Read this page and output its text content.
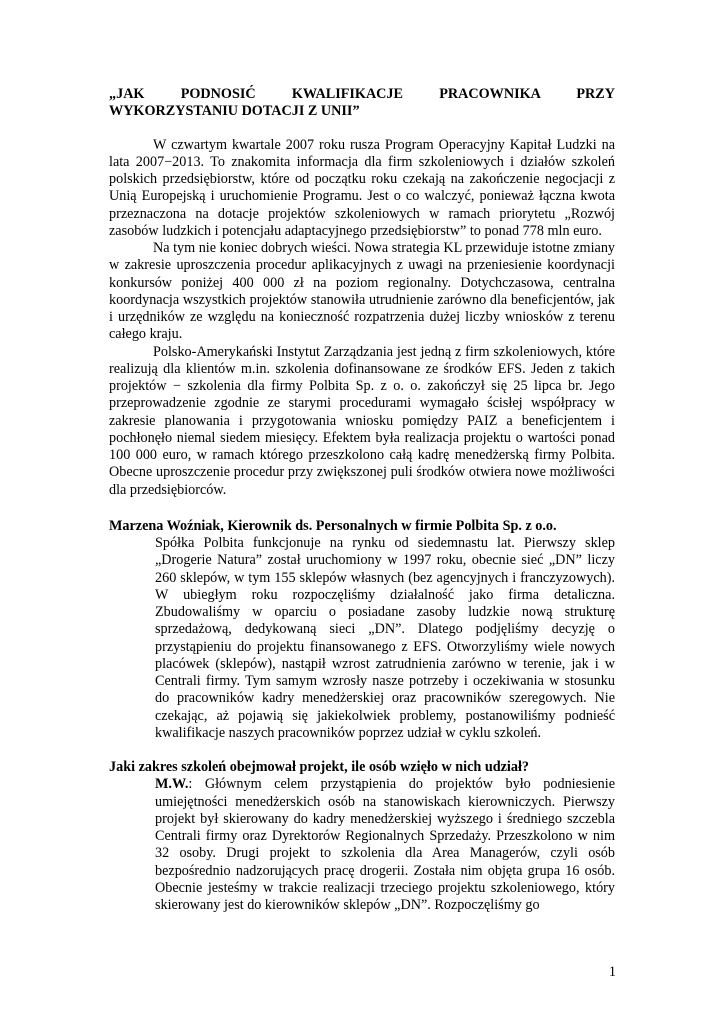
„JAK PODNOSIĆ KWALIFIKACJE PRACOWNIKA PRZY
WYKORZYSTANIU DOTACJI Z UNII”

W czwartym kwartale 2007 roku rusza Program Operacyjny Kapitał Ludzki na lata 2007−2013. To znakomita informacja dla firm szkoleniowych i działów szkoleń polskich przedsiębiorstw, które od początku roku czekają na zakończenie negocjacji z Unią Europejską i uruchomienie Programu. Jest o co walczyć, ponieważ łączna kwota przeznaczona na dotacje projektów szkoleniowych w ramach priorytetu „Rozwój zasobów ludzkich i potencjału adaptacyjnego przedsiębiorstw” to ponad 778 mln euro.

Na tym nie koniec dobrych wieści. Nowa strategia KL przewiduje istotne zmiany w zakresie uproszczenia procedur aplikacyjnych z uwagi na przeniesienie koordynacji konkursów poniżej 400 000 zł na poziom regionalny. Dotychczasowa, centralna koordynacja wszystkich projektów stanowiła utrudnienie zarówno dla beneficjentów, jak i urzędników ze względu na konieczność rozpatrzenia dużej liczby wniosków z terenu całego kraju.

Polsko-Amerykański Instytut Zarządzania jest jedną z firm szkoleniowych, które realizują dla klientów m.in. szkolenia dofinansowane ze środków EFS. Jeden z takich projektów − szkolenia dla firmy Polbita Sp. z o. o. zakończył się 25 lipca br. Jego przeprowadzenie zgodnie ze starymi procedurami wymagało ścisłej współpracy w zakresie planowania i przygotowania wniosku pomiędzy PAIZ a beneficjentem i pochłonęło niemal siedem miesięcy. Efektem była realizacja projektu o wartości ponad 100 000 euro, w ramach którego przeszkolono całą kadrę menedżerską firmy Polbita. Obecne uproszczenie procedur przy zwiększonej puli środków otwiera nowe możliwości dla przedsiębiorców.

Marzena Woźniak, Kierownik ds. Personalnych w firmie Polbita Sp. z o.o.

Spółka Polbita funkcjonuje na rynku od siedemnastu lat. Pierwszy sklep „Drogerie Natura” został uruchomiony w 1997 roku, obecnie sieć „DN” liczy 260 sklepów, w tym 155 sklepów własnych (bez agencyjnych i franczyzowych). W ubiegłym roku rozpoczęliśmy działalność jako firma detaliczna. Zbudowaliśmy w oparciu o posiadane zasoby ludzkie nową strukturę sprzedażową, dedykowaną sieci „DN”. Dlatego podjęliśmy decyzję o przystąpieniu do projektu finansowanego z EFS. Otworzyliśmy wiele nowych placówek (sklepów), nastąpił wzrost zatrudnienia zarówno w terenie, jak i w Centrali firmy. Tym samym wzrosły nasze potrzeby i oczekiwania w stosunku do pracowników kadry menedżerskiej oraz pracowników szeregowych. Nie czekając, aż pojawią się jakiekolwiek problemy, postanowiliśmy podnieść kwalifikacje naszych pracowników poprzez udział w cyklu szkoleń.

Jaki zakres szkoleń obejmował projekt, ile osób wzięło w nich udział?

M.W.: Głównym celem przystąpienia do projektów było podniesienie umiejętności menedżerskich osób na stanowiskach kierowniczych. Pierwszy projekt był skierowany do kadry menedżerskiej wyższego i średniego szczebla Centrali firmy oraz Dyrektorów Regionalnych Sprzedaży. Przeszkolono w nim 32 osoby. Drugi projekt to szkolenia dla Area Managerów, czyli osób bezpośrednio nadzorujących pracę drogerii. Została nim objęta grupa 16 osób. Obecnie jesteśmy w trakcie realizacji trzeciego projektu szkoleniowego, który skierowany jest do kierowników sklepów „DN”. Rozpoczęliśmy go

1
